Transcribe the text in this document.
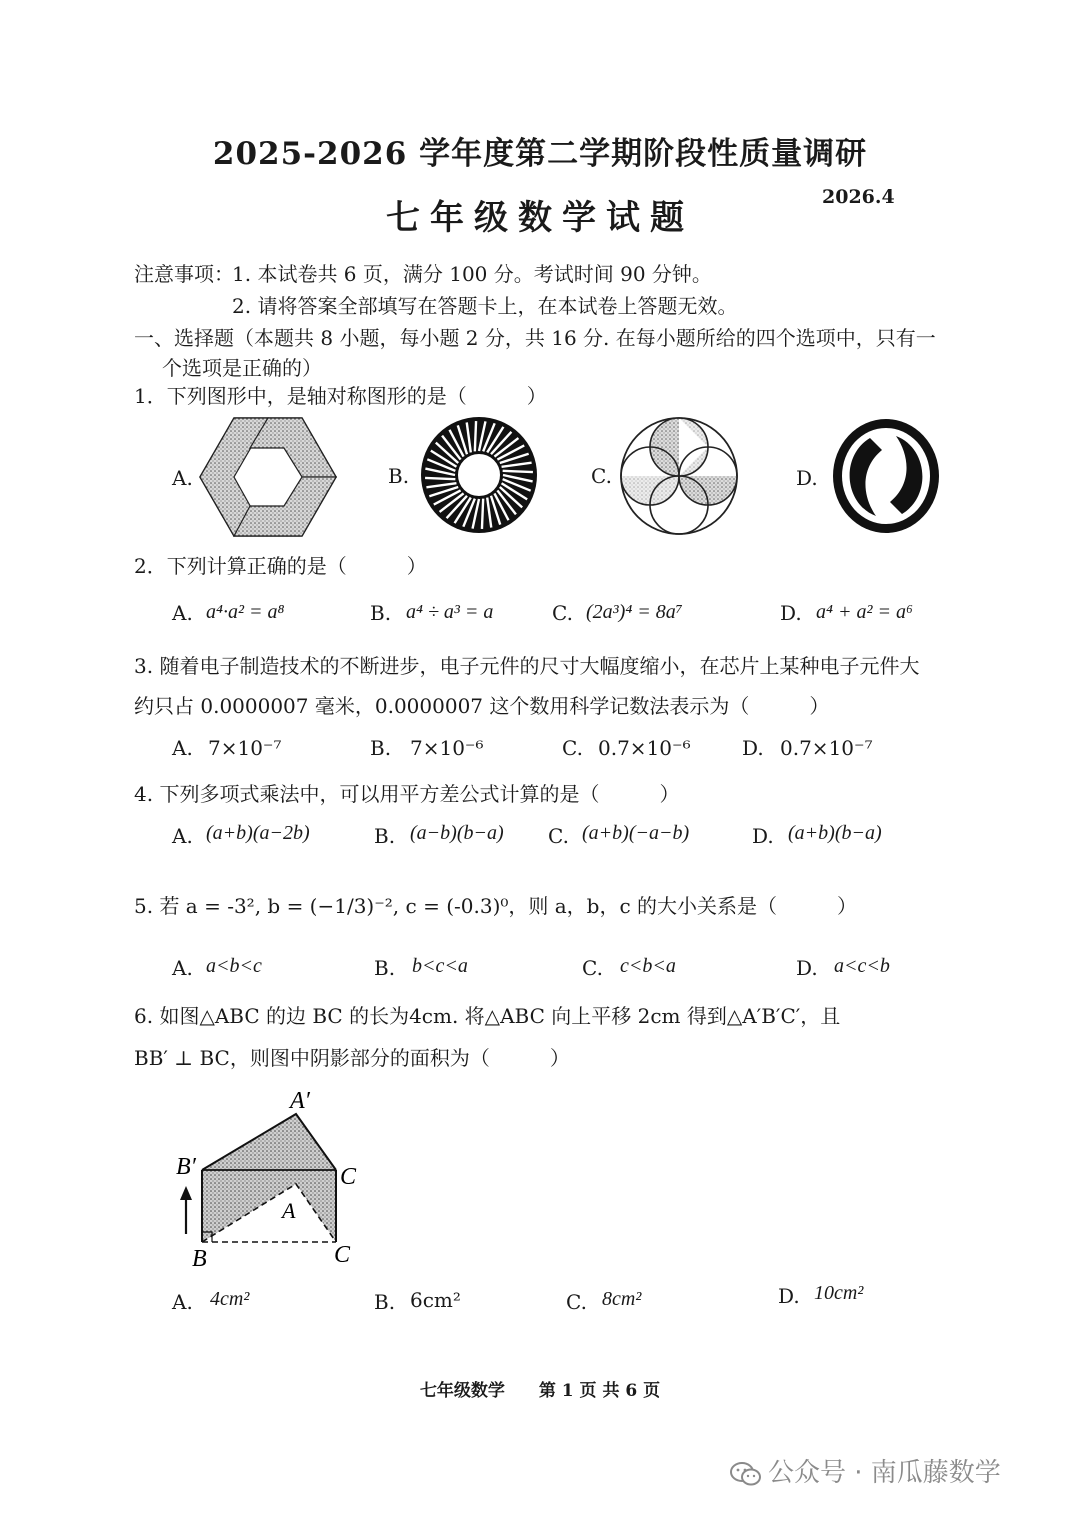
2025-2026 学年度第二学期阶段性质量调研
七年级数学试题
2026.4
注意事项：
1. 本试卷共 6 页，满分 100 分。考试时间 90 分钟。
2. 请将答案全部填写在答题卡上，在本试卷上答题无效。
一、选择题（本题共 8 小题，每小题 2 分，共 16 分. 在每小题所给的四个选项中，只有一
个选项是正确的）
1．下列图形中，是轴对称图形的是（　　　）
A.	B.	C.	D.
2．下列计算正确的是（　　　）
A. a⁴·a² = a⁸	B. a⁴ ÷ a³ = a	C. (2a³)⁴ = 8a⁷	D. a⁴ + a² = a⁶
3. 随着电子制造技术的不断进步，电子元件的尺寸大幅度缩小，在芯片上某种电子元件大
约只占 0.0000007 毫米，0.0000007 这个数用科学记数法表示为（　　　）
A. 7×10⁻⁷	B. 7×10⁻⁶	C. 0.7×10⁻⁶	D. 0.7×10⁻⁷
4. 下列多项式乘法中，可以用平方差公式计算的是（　　　）
A. (a+b)(a−2b)	B. (a−b)(b−a) C. (a+b)(−a−b)	D. (a+b)(b−a)
5. 若 a = -3², b = (−1/3)⁻², c = (-0.3)⁰，则 a，b，c 的大小关系是（　　　）
A. a<b<c	B. b<c<a	C. c<b<a	D. a<c<b
6. 如图△ABC 的边 BC 的长为4cm. 将△ABC 向上平移 2cm 得到△A′B′C′，且
BB′ ⊥ BC，则图中阴影部分的面积为（　　　）
A′
B′	C
A
B	C
A. 4cm²	B. 6cm²	C. 8cm²	D. 10cm²
七年级数学　　第 1 页 共 6 页
公众号 · 南瓜藤数学
